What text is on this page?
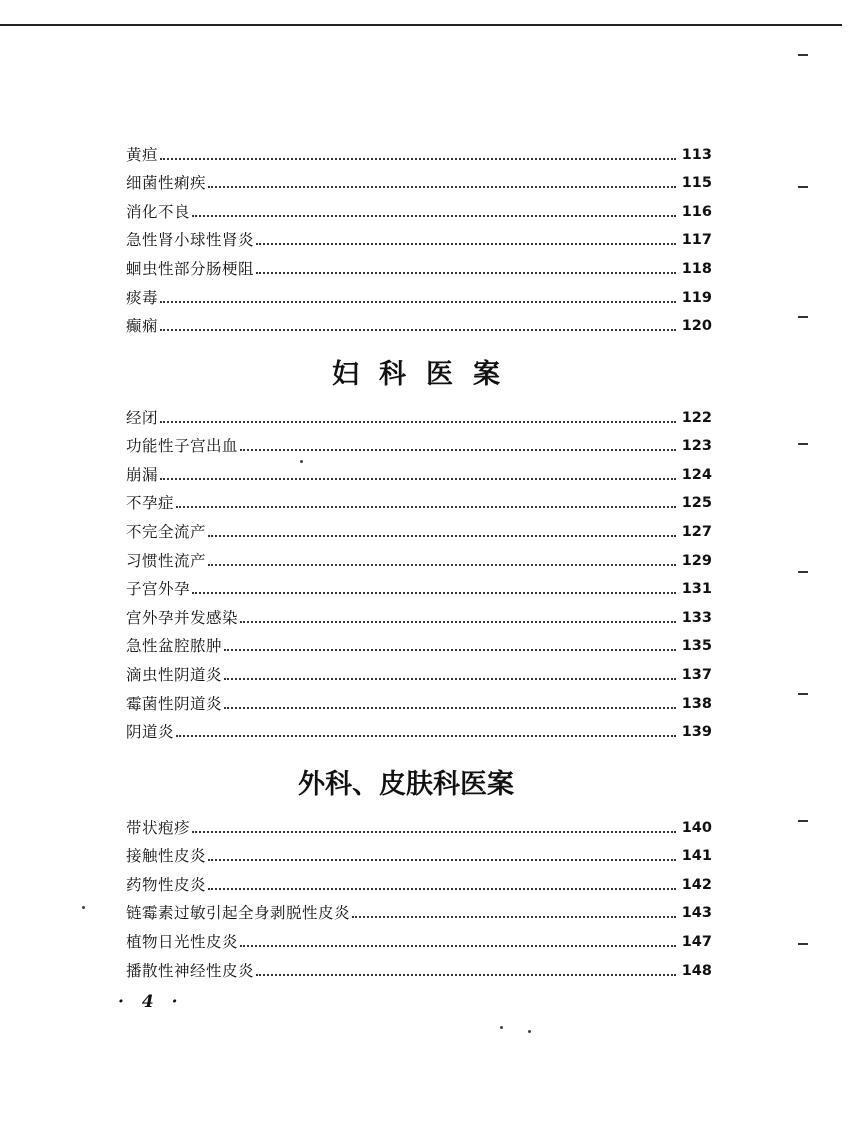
黄疸	113
细菌性痢疾	115
消化不良	116
急性肾小球性肾炎	117
蛔虫性部分肠梗阻	118
痰毒	119
癫痫	120
妇科医案
经闭	122
功能性子宫出血	123
崩漏	124
不孕症	125
不完全流产	127
习惯性流产	129
子宫外孕	131
宫外孕并发感染	133
急性盆腔脓肿	135
滴虫性阴道炎	137
霉菌性阴道炎	138
阴道炎	139
外科、皮肤科医案
带状疱疹	140
接触性皮炎	141
药物性皮炎	142
链霉素过敏引起全身剥脱性皮炎	143
植物日光性皮炎	147
播散性神经性皮炎	148
· 4 ·
